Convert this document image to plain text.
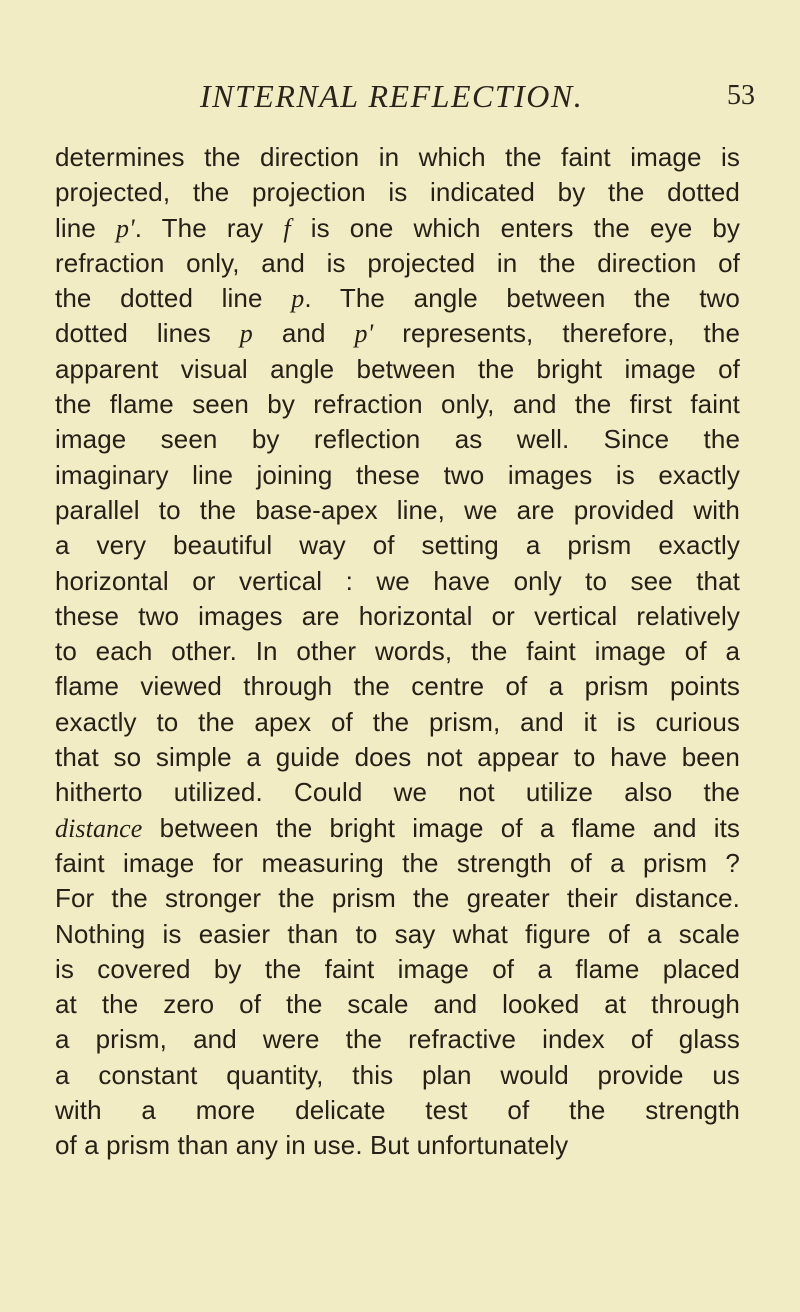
INTERNAL REFLECTION.	53
determines the direction in which the faint image is
projected, the projection is indicated by the dotted
line p'. The ray f is one which enters the eye by
refraction only, and is projected in the direction of
the dotted line p. The angle between the two
dotted lines p and p' represents, therefore, the
apparent visual angle between the bright image of
the flame seen by refraction only, and the first faint
image seen by reflection as well. Since the
imaginary line joining these two images is exactly
parallel to the base-apex line, we are provided with
a very beautiful way of setting a prism exactly
horizontal or vertical : we have only to see that
these two images are horizontal or vertical relatively
to each other. In other words, the faint image of a
flame viewed through the centre of a prism points
exactly to the apex of the prism, and it is curious
that so simple a guide does not appear to have been
hitherto utilized. Could we not utilize also the
distance between the bright image of a flame and its
faint image for measuring the strength of a prism ?
For the stronger the prism the greater their distance.
Nothing is easier than to say what figure of a scale
is covered by the faint image of a flame placed
at the zero of the scale and looked at through
a prism, and were the refractive index of glass
a constant quantity, this plan would provide us
with a more delicate test of the strength
of a prism than any in use. But unfortunately
